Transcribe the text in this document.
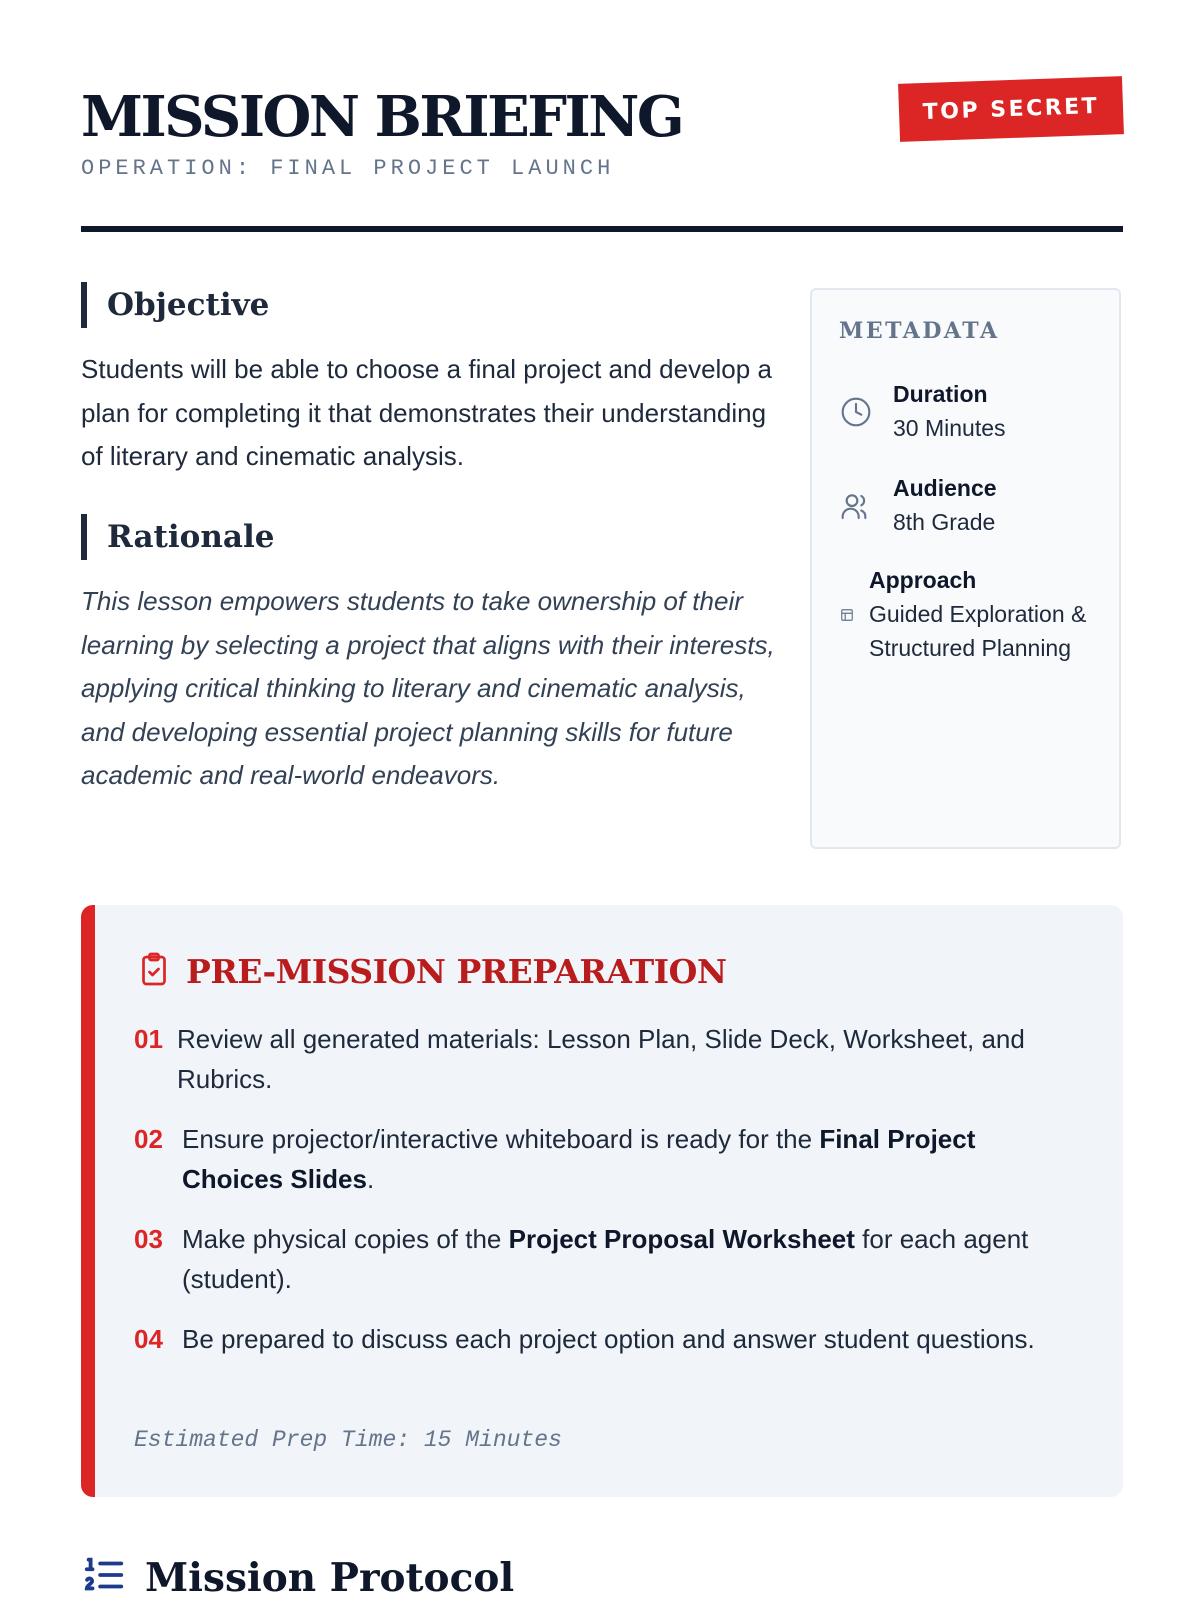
MISSION BRIEFING
OPERATION: FINAL PROJECT LAUNCH
TOP SECRET
Objective

Students will be able to choose a final project and develop a plan for completing it that demonstrates their understanding of literary and cinematic analysis.

Rationale

This lesson empowers students to take ownership of their learning by selecting a project that aligns with their interests, applying critical thinking to literary and cinematic analysis, and developing essential project planning skills for future academic and real-world endeavors.

METADATA
Duration
30 Minutes
Audience
8th Grade
Approach
Guided Exploration & Structured Planning
PRE-MISSION PREPARATION
01 Review all generated materials: Lesson Plan, Slide Deck, Worksheet, and Rubrics.
02 Ensure projector/interactive whiteboard is ready for the Final Project Choices Slides.
03 Make physical copies of the Project Proposal Worksheet for each agent (student).
04 Be prepared to discuss each project option and answer student questions.
Estimated Prep Time: 15 Minutes
Mission Protocol
